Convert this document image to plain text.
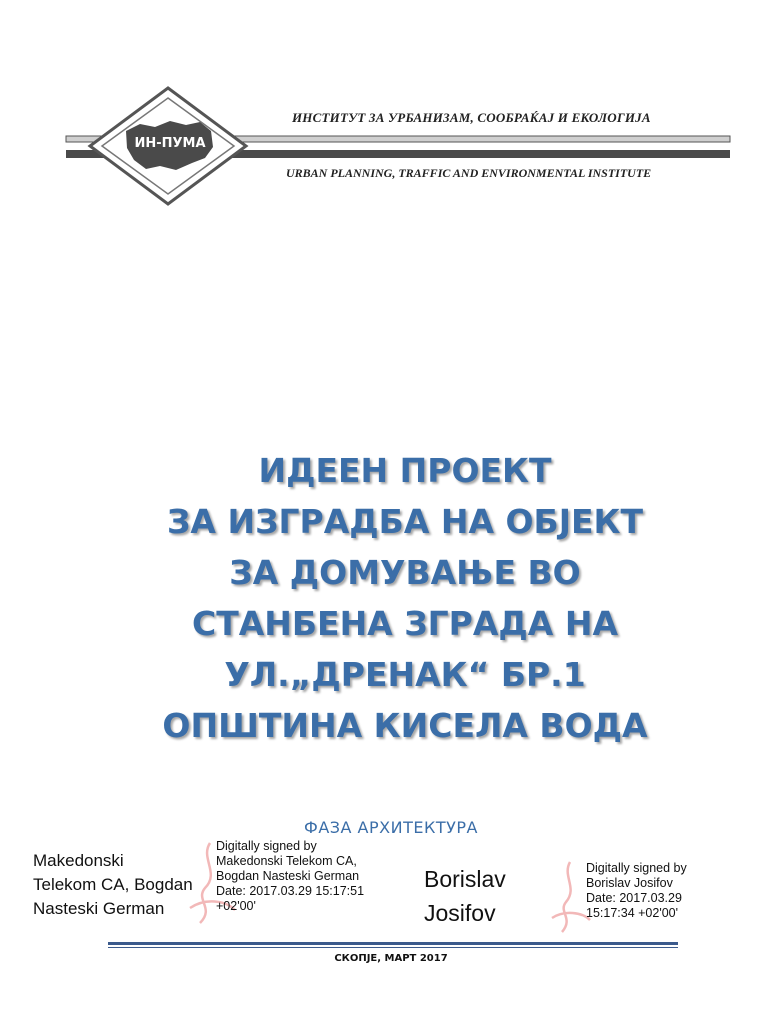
ИН-ПУМА
ИНСТИТУТ ЗА УРБАНИЗАМ, СООБРАЌАЈ И ЕКОЛОГИЈА
URBAN PLANNING, TRAFFIC AND ENVIRONMENTAL INSTITUTE
ИДЕЕН ПРОЕКТ
ЗА ИЗГРАДБА НА ОБЈЕКТ
ЗА ДОМУВАЊЕ ВО
СТАНБЕНА ЗГРАДА НА
УЛ.„ДРЕНАК“ БР.1
ОПШТИНА КИСЕЛА ВОДА
ФАЗА АРХИТЕКТУРА
Makedonski
Telekom CA, Bogdan
Nasteski German
Digitally signed by
Makedonski Telekom CA,
Bogdan Nasteski German
Date: 2017.03.29 15:17:51
+02'00'
Borislav
Josifov
Digitally signed by
Borislav Josifov
Date: 2017.03.29
15:17:34 +02'00'
СКОПЈЕ, МАРТ 2017
